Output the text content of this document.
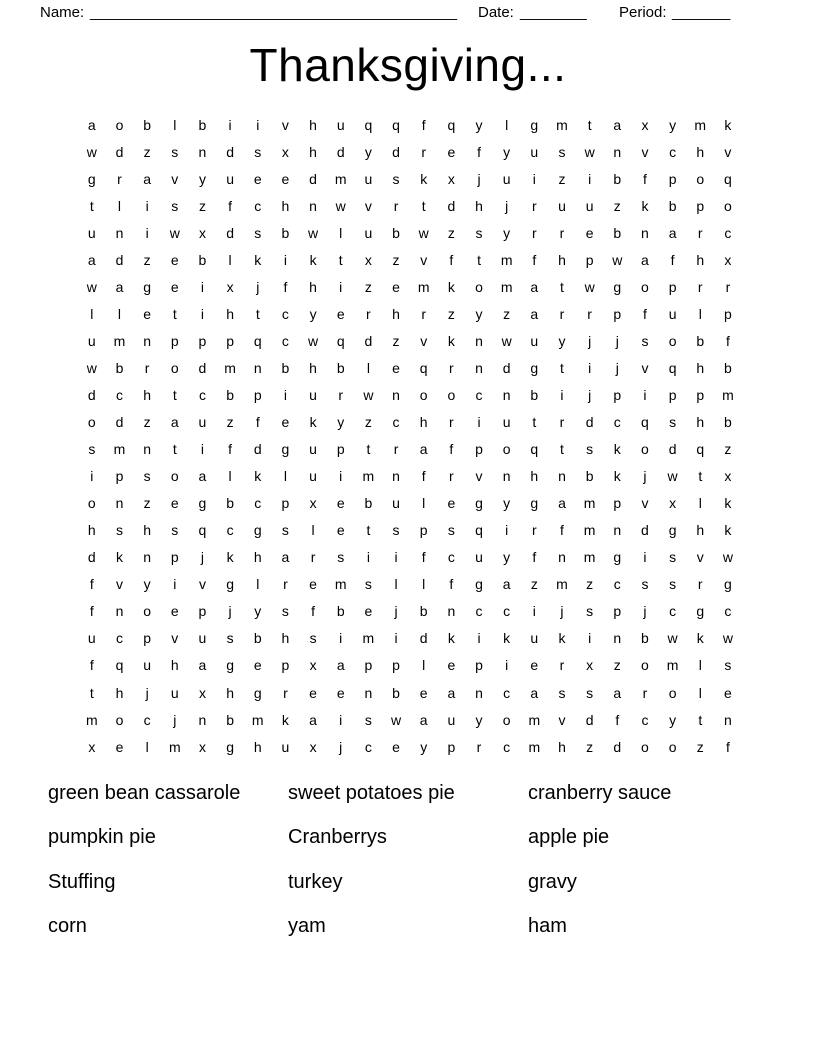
Name: ____________________________________________ Date: ________ Period: _______
Thanksgiving...
a	o	b	l	b	i	i	v	h	u	q	q	f	q	y	l	g	m	t	a	x	y	m	k
w	d	z	s	n	d	s	x	h	d	y	d	r	e	f	y	u	s	w	n	v	c	h	v
g	r	a	v	y	u	e	e	d	m	u	s	k	x	j	u	i	z	i	b	f	p	o	q
t	l	i	s	z	f	c	h	n	w	v	r	t	d	h	j	r	u	u	z	k	b	p	o
u	n	i	w	x	d	s	b	w	l	u	b	w	z	s	y	r	r	e	b	n	a	r	c
a	d	z	e	b	l	k	i	k	t	x	z	v	f	t	m	f	h	p	w	a	f	h	x
w	a	g	e	i	x	j	f	h	i	z	e	m	k	o	m	a	t	w	g	o	p	r	r
l	l	e	t	i	h	t	c	y	e	r	h	r	z	y	z	a	r	r	p	f	u	l	p
u	m	n	p	p	p	q	c	w	q	d	z	v	k	n	w	u	y	j	j	s	o	b	f
w	b	r	o	d	m	n	b	h	b	l	e	q	r	n	d	g	t	i	j	v	q	h	b
d	c	h	t	c	b	p	i	u	r	w	n	o	o	c	n	b	i	j	p	i	p	p	m
o	d	z	a	u	z	f	e	k	y	z	c	h	r	i	u	t	r	d	c	q	s	h	b
s	m	n	t	i	f	d	g	u	p	t	r	a	f	p	o	q	t	s	k	o	d	q	z
i	p	s	o	a	l	k	l	u	i	m	n	f	r	v	n	h	n	b	k	j	w	t	x
o	n	z	e	g	b	c	p	x	e	b	u	l	e	g	y	g	a	m	p	v	x	l	k
h	s	h	s	q	c	g	s	l	e	t	s	p	s	q	i	r	f	m	n	d	g	h	k
d	k	n	p	j	k	h	a	r	s	i	i	f	c	u	y	f	n	m	g	i	s	v	w
f	v	y	i	v	g	l	r	e	m	s	l	l	f	g	a	z	m	z	c	s	s	r	g
f	n	o	e	p	j	y	s	f	b	e	j	b	n	c	c	i	j	s	p	j	c	g	c
u	c	p	v	u	s	b	h	s	i	m	i	d	k	i	k	u	k	i	n	b	w	k	w
f	q	u	h	a	g	e	p	x	a	p	p	l	e	p	i	e	r	x	z	o	m	l	s
t	h	j	u	x	h	g	r	e	e	n	b	e	a	n	c	a	s	s	a	r	o	l	e
m	o	c	j	n	b	m	k	a	i	s	w	a	u	y	o	m	v	d	f	c	y	t	n
x	e	l	m	x	g	h	u	x	j	c	e	y	p	r	c	m	h	z	d	o	o	z	f
green bean cassarole	sweet potatoes pie	cranberry sauce
pumpkin pie	Cranberrys	apple pie
Stuffing	turkey	gravy
corn	yam	ham
